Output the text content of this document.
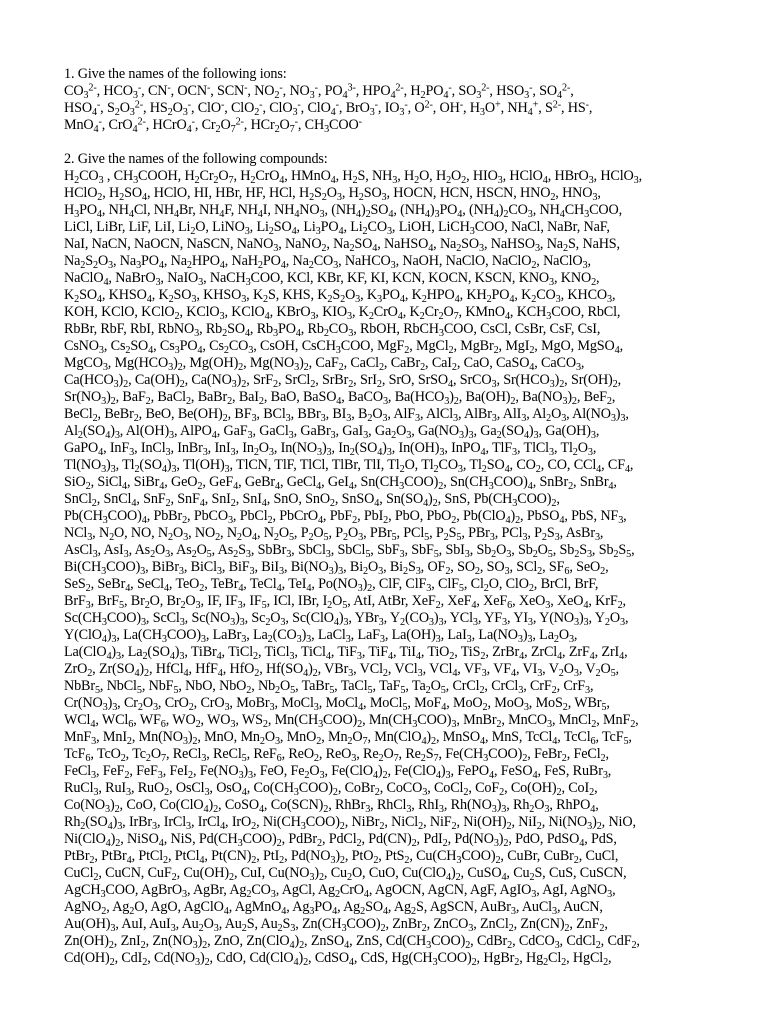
1. Give the names of the following ions:
$CO_3^{2-}$, $HCO_3^-$, CN-, OCN-, SCN-, $NO_2^-$, $NO_3^-$, $PO_4^{3-}$, $HPO_4^{2-}$, $H_2PO_4^-$, $SO_3^{2-}$, $HSO_3^-$, $SO_4^{2-}$,
$HSO_4^-$, $S_2O_3^{2-}$, $HS_2O_3^-$, ClO-, ClO$_2$-, ClO$_3$-, ClO$_4$-, BrO$_3$-, $IO_3^-$, $O^{2-}$, OH-, $H_3O^+$, $NH_4^+$, $S^{2-}$, HS-,
MnO$_4$-, CrO$_4^{2-}$, HCrO$_4$-, $Cr_2O_7^{2-}$, $HCr_2O_7^-$, $CH_3COO^-$
2. Give the names of the following compounds:
$H_2CO_3$ , $CH_3COOH$, $H_2Cr_2O_7$, $H_2CrO_4$, HMnO$_4$, $H_2S$, $NH_3$, $H_2O$, $H_2O_2$, $HIO_3$, HClO$_4$, HBrO$_3$, HClO$_3$,
HClO$_2$, $H_2SO_4$, HClO, HI, HBr, HF, HCl, $H_2S_2O_3$, $H_2SO_3$, HOCN, HCN, HSCN, $HNO_2$, $HNO_3$,
$H_3PO_4$, $NH_4Cl$, $NH_4Br$, $NH_4F$, $NH_4I$, $NH_4NO_3$, $(NH_4)_2SO_4$, $(NH_4)_3PO_4$, $(NH_4)_2CO_3$, $NH_4CH_3COO$,
LiCl, LiBr, LiF, LiI, $Li_2O$, LiNO$_3$, $Li_2SO_4$, $Li_3PO_4$, $Li_2CO_3$, LiOH, LiCH$_3$COO, NaCl, NaBr, NaF,
NaI, NaCN, NaOCN, NaSCN, NaNO$_3$, NaNO$_2$, $Na_2SO_4$, NaHSO$_4$, $Na_2SO_3$, NaHSO$_3$, $Na_2S$, NaHS,
$Na_2S_2O_3$, $Na_3PO_4$, $Na_2HPO_4$, $NaH_2PO_4$, $Na_2CO_3$, NaHCO$_3$, NaOH, NaClO, NaClO$_2$, NaClO$_3$,
NaClO$_4$, NaBrO$_3$, NaIO$_3$, NaCH$_3$COO, KCl, KBr, KF, KI, KCN, KOCN, KSCN, $KNO_3$, $KNO_2$,
$K_2SO_4$, $KHSO_4$, $K_2SO_3$, $KHSO_3$, $K_2S$, KHS, $K_2S_2O_3$, $K_3PO_4$, $K_2HPO_4$, $KH_2PO_4$, $K_2CO_3$, $KHCO_3$,
KOH, KClO, KClO$_2$, KClO$_3$, KClO$_4$, KBrO$_3$, $KIO_3$, $K_2CrO_4$, $K_2Cr_2O_7$, KMnO$_4$, $KCH_3COO$, RbCl,
RbBr, RbF, RbI, RbNO$_3$, $Rb_2SO_4$, $Rb_3PO_4$, $Rb_2CO_3$, RbOH, RbCH$_3$COO, CsCl, CsBr, CsF, CsI,
CsNO$_3$, $Cs_2SO_4$, $Cs_3PO_4$, $Cs_2CO_3$, CsOH, CsCH$_3$COO, MgF$_2$, MgCl$_2$, MgBr$_2$, MgI$_2$, MgO, MgSO$_4$,
MgCO$_3$, $Mg(HCO_3)_2$, $Mg(OH)_2$, $Mg(NO_3)_2$, CaF$_2$, CaCl$_2$, CaBr$_2$, CaI$_2$, CaO, CaSO$_4$, CaCO$_3$,
$Ca(HCO_3)_2$, $Ca(OH)_2$, $Ca(NO_3)_2$, SrF$_2$, SrCl$_2$, SrBr$_2$, SrI$_2$, SrO, SrSO$_4$, SrCO$_3$, $Sr(HCO_3)_2$, $Sr(OH)_2$,
$Sr(NO_3)_2$, BaF$_2$, BaCl$_2$, BaBr$_2$, BaI$_2$, BaO, BaSO$_4$, BaCO$_3$, $Ba(HCO_3)_2$, $Ba(OH)_2$, $Ba(NO_3)_2$, BeF$_2$,
BeCl$_2$, BeBr$_2$, BeO, $Be(OH)_2$, $BF_3$, BCl$_3$, BBr$_3$, $BI_3$, $B_2O_3$, AlF$_3$, AlCl$_3$, AlBr$_3$, AlI$_3$, $Al_2O_3$, $Al(NO_3)_3$,
$Al_2(SO_4)_3$, $Al(OH)_3$, AlPO$_4$, GaF$_3$, GaCl$_3$, GaBr$_3$, GaI$_3$, $Ga_2O_3$, $Ga(NO_3)_3$, $Ga_2(SO_4)_3$, $Ga(OH)_3$,
GaPO$_4$, InF$_3$, InCl$_3$, InBr$_3$, InI$_3$, $In_2O_3$, $In(NO_3)_3$, $In_2(SO_4)_3$, $In(OH)_3$, InPO$_4$, TlF$_3$, TlCl$_3$, $Tl_2O_3$,
$Tl(NO_3)_3$, $Tl_2(SO_4)_3$, $Tl(OH)_3$, TlCN, TlF, TlCl, TlBr, TlI, $Tl_2O$, $Tl_2CO_3$, $Tl_2SO_4$, $CO_2$, CO, CCl$_4$, $CF_4$,
SiO$_2$, SiCl$_4$, SiBr$_4$, GeO$_2$, GeF$_4$, GeBr$_4$, GeCl$_4$, GeI$_4$, $Sn(CH_3COO)_2$, $Sn(CH_3COO)_4$, SnBr$_2$, SnBr$_4$,
SnCl$_2$, SnCl$_4$, SnF$_2$, SnF$_4$, SnI$_2$, SnI$_4$, SnO, SnO$_2$, SnSO$_4$, $Sn(SO_4)_2$, SnS, $Pb(CH_3COO)_2$,
$Pb(CH_3COO)_4$, PbBr$_2$, PbCO$_3$, PbCl$_2$, PbCrO$_4$, PbF$_2$, PbI$_2$, PbO, PbO$_2$, $Pb(ClO_4)_2$, PbSO$_4$, PbS, $NF_3$,
NCl$_3$, $N_2O$, NO, $N_2O_3$, $NO_2$, $N_2O_4$, $N_2O_5$, $P_2O_5$, $P_2O_3$, PBr$_5$, PCl$_5$, $P_2S_5$, PBr$_3$, PCl$_3$, $P_2S_3$, AsBr$_3$,
AsCl$_3$, AsI$_3$, $As_2O_3$, $As_2O_5$, $As_2S_3$, SbBr$_3$, SbCl$_3$, SbCl$_5$, SbF$_3$, SbF$_5$, SbI$_3$, $Sb_2O_3$, $Sb_2O_5$, $Sb_2S_3$, $Sb_2S_5$,
$Bi(CH_3COO)_3$, BiBr$_3$, BiCl$_3$, BiF$_3$, BiI$_3$, $Bi(NO_3)_3$, $Bi_2O_3$, $Bi_2S_3$, $OF_2$, $SO_2$, $SO_3$, SCl$_2$, $SF_6$, SeO$_2$,
SeS$_2$, SeBr$_4$, SeCl$_4$, TeO$_2$, TeBr$_4$, TeCl$_4$, TeI$_4$, $Po(NO_3)_2$, ClF, ClF$_3$, ClF$_5$, $Cl_2O$, ClO$_2$, BrCl, BrF,
BrF$_3$, BrF$_5$, $Br_2O$, $Br_2O_3$, IF, $IF_3$, $IF_5$, ICl, IBr, $I_2O_5$, AtI, AtBr, XeF$_2$, XeF$_4$, XeF$_6$, XeO$_3$, XeO$_4$, KrF$_2$,
$Sc(CH_3COO)_3$, ScCl$_3$, $Sc(NO_3)_3$, $Sc_2O_3$, $Sc(ClO_4)_3$, YBr$_3$, $Y_2(CO_3)_3$, YCl$_3$, $YF_3$, $YI_3$, $Y(NO_3)_3$, $Y_2O_3$,
$Y(ClO_4)_3$, $La(CH_3COO)_3$, LaBr$_3$, $La_2(CO_3)_3$, LaCl$_3$, LaF$_3$, $La(OH)_3$, LaI$_3$, $La(NO_3)_3$, $La_2O_3$,
$La(ClO_4)_3$, $La_2(SO_4)_3$, TiBr$_4$, TiCl$_2$, TiCl$_3$, TiCl$_4$, TiF$_3$, TiF$_4$, TiI$_4$, TiO$_2$, TiS$_2$, ZrBr$_4$, ZrCl$_4$, ZrF$_4$, ZrI$_4$,
ZrO$_2$, $Zr(SO_4)_2$, HfCl$_4$, HfF$_4$, HfO$_2$, $Hf(SO_4)_2$, VBr$_3$, VCl$_2$, VCl$_3$, VCl$_4$, $VF_3$, $VF_4$, $VI_3$, $V_2O_3$, $V_2O_5$,
NbBr$_5$, NbCl$_5$, NbF$_5$, NbO, NbO$_2$, $Nb_2O_5$, TaBr$_5$, TaCl$_5$, TaF$_5$, $Ta_2O_5$, CrCl$_2$, CrCl$_3$, CrF$_2$, CrF$_3$,
$Cr(NO_3)_3$, $Cr_2O_3$, CrO$_2$, CrO$_3$, MoBr$_3$, MoCl$_3$, MoCl$_4$, MoCl$_5$, MoF$_4$, MoO$_2$, MoO$_3$, MoS$_2$, WBr$_5$,
WCl$_4$, WCl$_6$, $WF_6$, $WO_2$, $WO_3$, $WS_2$, $Mn(CH_3COO)_2$, $Mn(CH_3COO)_3$, MnBr$_2$, MnCO$_3$, MnCl$_2$, MnF$_2$,
MnF$_3$, MnI$_2$, $Mn(NO_3)_2$, MnO, $Mn_2O_3$, MnO$_2$, $Mn_2O_7$, $Mn(ClO_4)_2$, MnSO$_4$, MnS, TcCl$_4$, TcCl$_6$, TcF$_5$,
TcF$_6$, TcO$_2$, $Tc_2O_7$, ReCl$_3$, ReCl$_5$, ReF$_6$, ReO$_2$, ReO$_3$, $Re_2O_7$, $Re_2S_7$, $Fe(CH_3COO)_2$, FeBr$_2$, FeCl$_2$,
FeCl$_3$, FeF$_2$, FeF$_3$, FeI$_2$, $Fe(NO_3)_3$, FeO, $Fe_2O_3$, $Fe(ClO_4)_2$, $Fe(ClO_4)_3$, FePO$_4$, FeSO$_4$, FeS, RuBr$_3$,
RuCl$_3$, RuI$_3$, RuO$_2$, OsCl$_3$, OsO$_4$, $Co(CH_3COO)_2$, CoBr$_2$, CoCO$_3$, CoCl$_2$, CoF$_2$, $Co(OH)_2$, CoI$_2$,
$Co(NO_3)_2$, CoO, $Co(ClO_4)_2$, CoSO$_4$, $Co(SCN)_2$, RhBr$_3$, RhCl$_3$, RhI$_3$, $Rh(NO_3)_3$, $Rh_2O_3$, RhPO$_4$,
$Rh_2(SO_4)_3$, IrBr$_3$, IrCl$_3$, IrCl$_4$, IrO$_2$, $Ni(CH_3COO)_2$, NiBr$_2$, NiCl$_2$, NiF$_2$, $Ni(OH)_2$, NiI$_2$, $Ni(NO_3)_2$, NiO,
$Ni(ClO_4)_2$, NiSO$_4$, NiS, $Pd(CH_3COO)_2$, PdBr$_2$, PdCl$_2$, $Pd(CN)_2$, PdI$_2$, $Pd(NO_3)_2$, PdO, PdSO$_4$, PdS,
PtBr$_2$, PtBr$_4$, PtCl$_2$, PtCl$_4$, $Pt(CN)_2$, PtI$_2$, $Pd(NO_3)_2$, PtO$_2$, PtS$_2$, $Cu(CH_3COO)_2$, CuBr, CuBr$_2$, CuCl,
CuCl$_2$, CuCN, CuF$_2$, $Cu(OH)_2$, CuI, $Cu(NO_3)_2$, $Cu_2O$, CuO, $Cu(ClO_4)_2$, CuSO$_4$, $Cu_2S$, CuS, CuSCN,
AgCH$_3$COO, AgBrO$_3$, AgBr, $Ag_2CO_3$, AgCl, $Ag_2CrO_4$, AgOCN, AgCN, AgF, AgIO$_3$, AgI, AgNO$_3$,
AgNO$_2$, $Ag_2O$, AgO, AgClO$_4$, AgMnO$_4$, $Ag_3PO_4$, $Ag_2SO_4$, $Ag_2S$, AgSCN, AuBr$_3$, AuCl$_3$, AuCN,
$Au(OH)_3$, AuI, AuI$_3$, $Au_2O_3$, $Au_2S$, $Au_2S_3$, $Zn(CH_3COO)_2$, ZnBr$_2$, ZnCO$_3$, ZnCl$_2$, $Zn(CN)_2$, ZnF$_2$,
$Zn(OH)_2$, ZnI$_2$, $Zn(NO_3)_2$, ZnO, $Zn(ClO_4)_2$, ZnSO$_4$, ZnS, $Cd(CH_3COO)_2$, CdBr$_2$, CdCO$_3$, CdCl$_2$, CdF$_2$,
$Cd(OH)_2$, CdI$_2$, $Cd(NO_3)_2$, CdO, $Cd(ClO_4)_2$, CdSO$_4$, CdS, $Hg(CH_3COO)_2$, HgBr$_2$, $Hg_2Cl_2$, HgCl$_2$,
